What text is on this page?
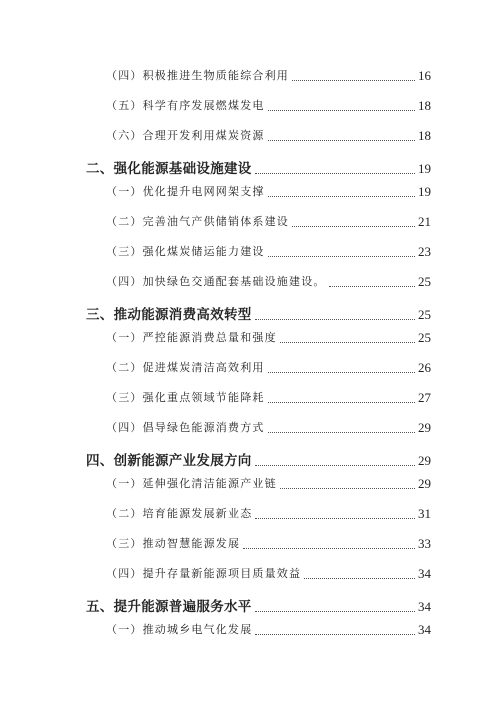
（四）积极推进生物质能综合利用	16
（五）科学有序发展燃煤发电	18
（六）合理开发利用煤炭资源	18
二、强化能源基础设施建设	19
（一）优化提升电网网架支撑	19
（二）完善油气产供储销体系建设	21
（三）强化煤炭储运能力建设	23
（四）加快绿色交通配套基础设施建设。	25
三、推动能源消费高效转型	25
（一）严控能源消费总量和强度	25
（二）促进煤炭清洁高效利用	26
（三）强化重点领域节能降耗	27
（四）倡导绿色能源消费方式	29
四、创新能源产业发展方向	29
（一）延伸强化清洁能源产业链	29
（二）培育能源发展新业态	31
（三）推动智慧能源发展	33
（四）提升存量新能源项目质量效益	34
五、提升能源普遍服务水平	34
（一）推动城乡电气化发展	34
